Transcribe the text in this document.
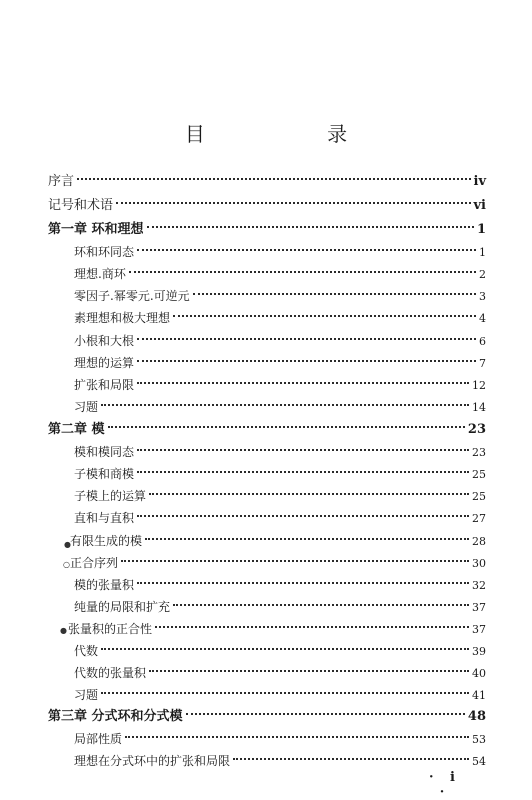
目 录
序言	iv
记号和术语	vi
第一章 环和理想	1
环和环同态	1
理想.商环	2
零因子.幂零元.可逆元	3
素理想和极大理想	4
小根和大根	6
理想的运算	7
扩张和局限	12
习题	14
第二章 模	23
模和模同态	23
子模和商模	25
子模上的运算	25
直和与直积	27
● 有限生成的模	28
○ 正合序列	30
模的张量积	32
纯量的局限和扩充	37
● 张量积的正合性	37
代数	39
代数的张量积	40
习题	41
第三章 分式环和分式模	48
局部性质	53
理想在分式环中的扩张和局限	54
· i ·
